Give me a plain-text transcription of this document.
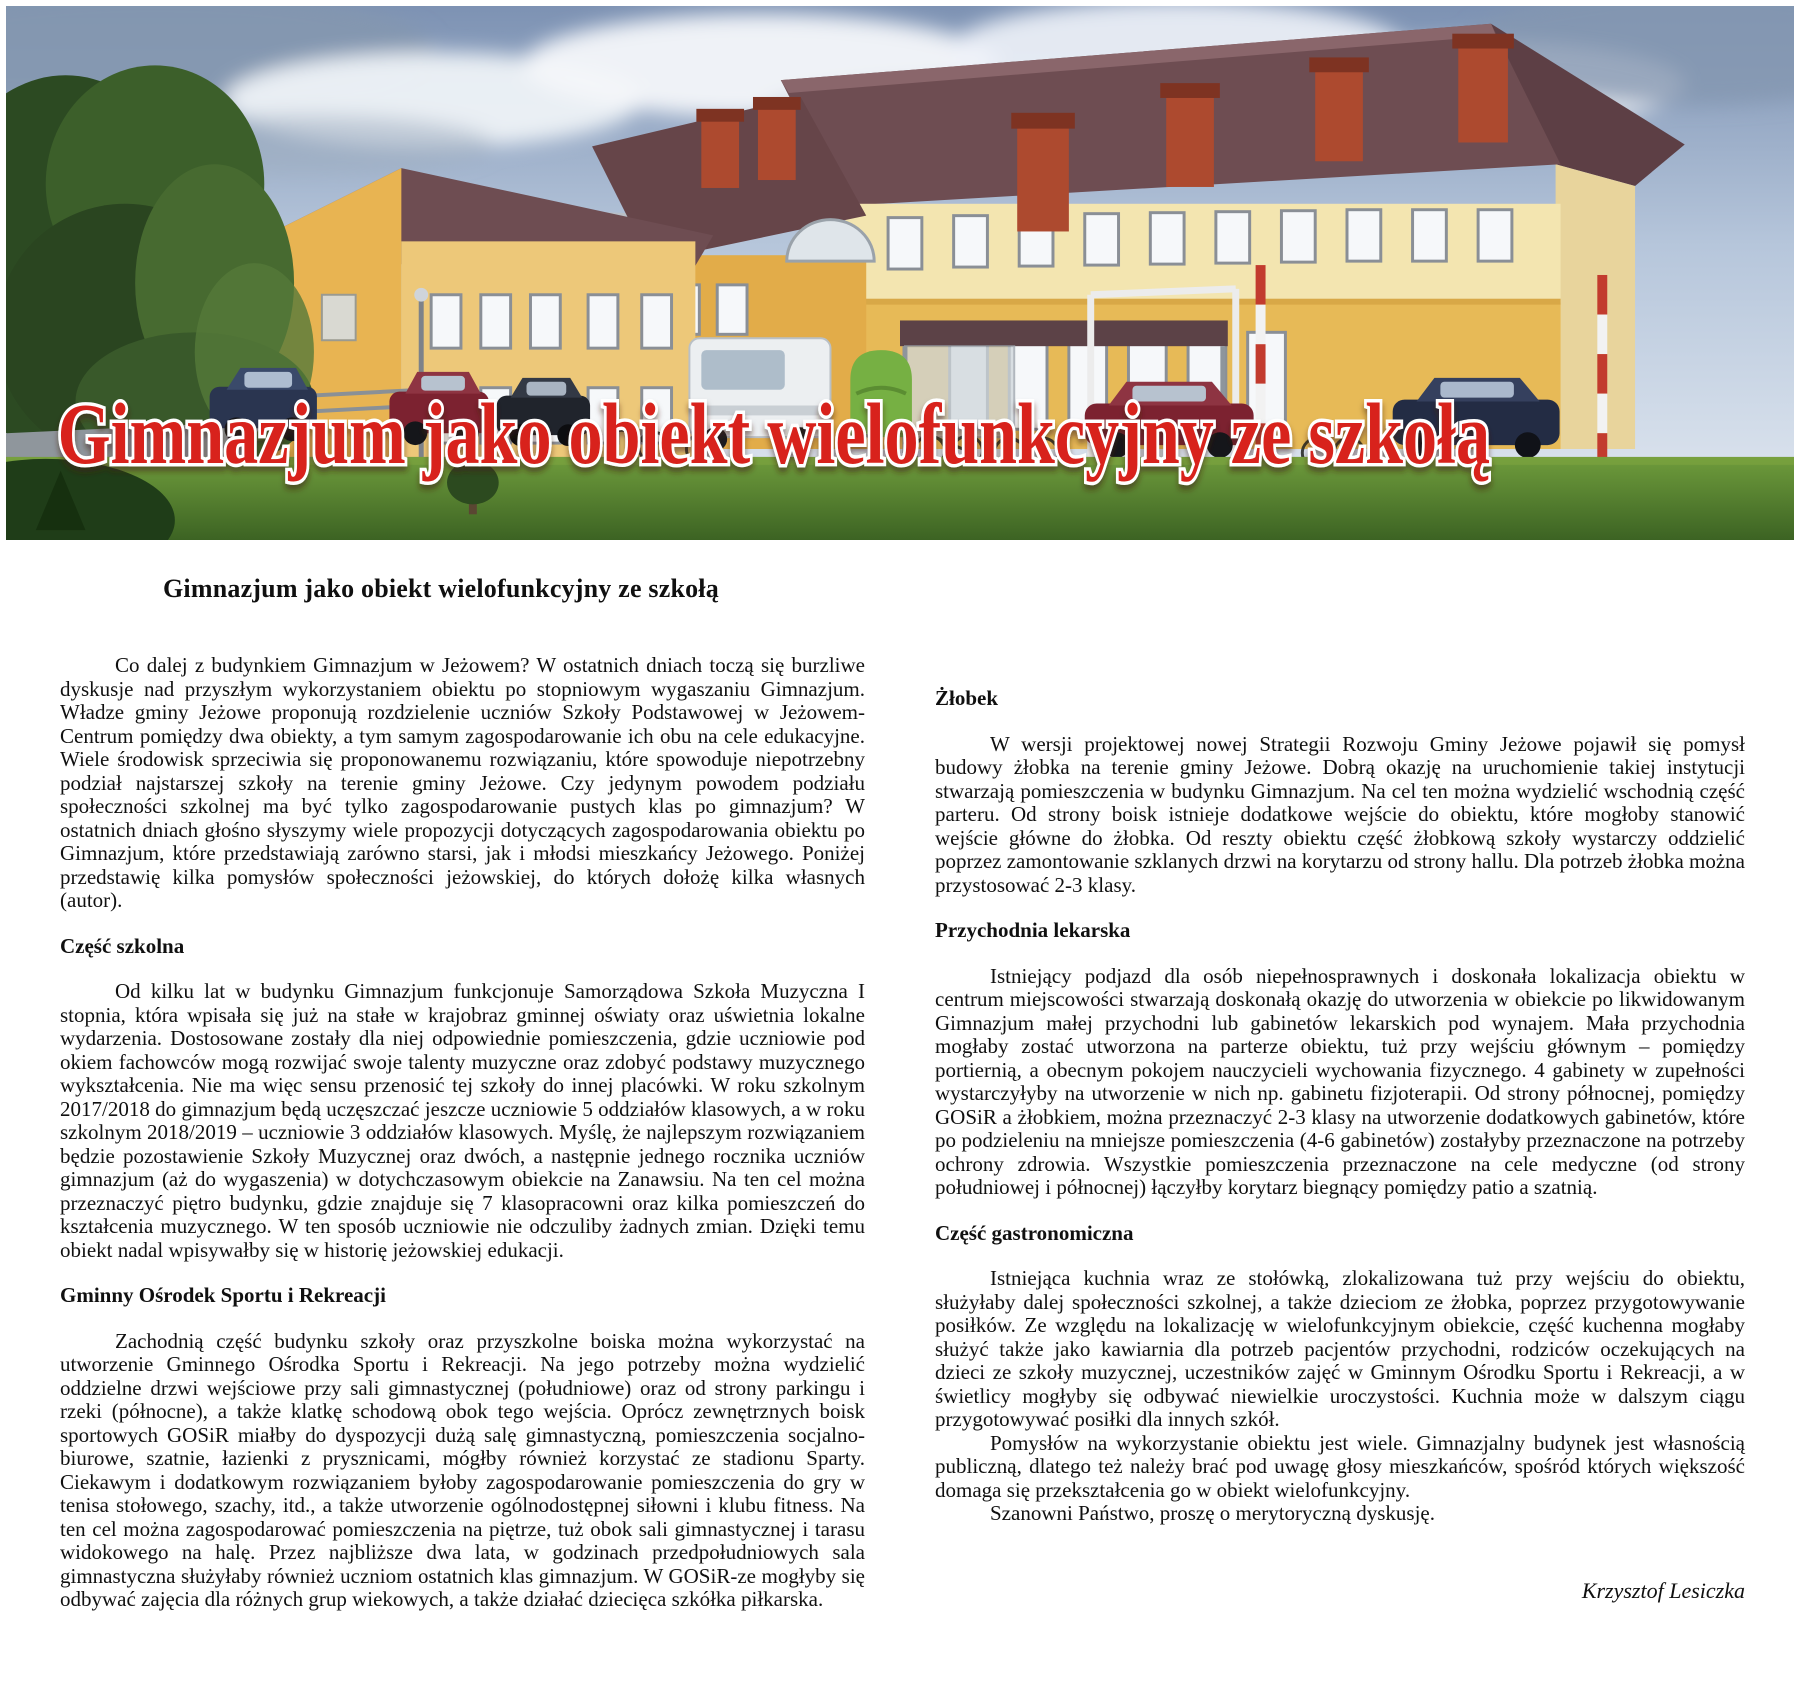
Gimnazjum jako obiekt wielofunkcyjny ze szkołą
Gimnazjum jako obiekt wielofunkcyjny ze szkołą

Co dalej z budynkiem Gimnazjum w Jeżowem? W ostatnich dniach toczą się burzliwe dyskusje nad przyszłym wykorzystaniem obiektu po stopniowym wygaszaniu Gimnazjum. Władze gminy Jeżowe proponują rozdzielenie uczniów Szkoły Podstawowej w Jeżowem-Centrum pomiędzy dwa obiekty, a tym samym zagospodarowanie ich obu na cele edukacyjne. Wiele środowisk sprzeciwia się proponowanemu rozwiązaniu, które spowoduje niepotrzebny podział najstarszej szkoły na terenie gminy Jeżowe. Czy jedynym powodem podziału społeczności szkolnej ma być tylko zagospodarowanie pustych klas po gimnazjum? W ostatnich dniach głośno słyszymy wiele propozycji dotyczących zagospodarowania obiektu po Gimnazjum, które przedstawiają zarówno starsi, jak i młodsi mieszkańcy Jeżowego. Poniżej przedstawię kilka pomysłów społeczności jeżowskiej, do których dołożę kilka własnych (autor).

Część szkolna

Od kilku lat w budynku Gimnazjum funkcjonuje Samorządowa Szkoła Muzyczna I stopnia, która wpisała się już na stałe w krajobraz gminnej oświaty oraz uświetnia lokalne wydarzenia. Dostosowane zostały dla niej odpowiednie pomieszczenia, gdzie uczniowie pod okiem fachowców mogą rozwijać swoje talenty muzyczne oraz zdobyć podstawy muzycznego wykształcenia. Nie ma więc sensu przenosić tej szkoły do innej placówki. W roku szkolnym 2017/2018 do gimnazjum będą uczęszczać jeszcze uczniowie 5 oddziałów klasowych, a w roku szkolnym 2018/2019 – uczniowie 3 oddziałów klasowych. Myślę, że najlepszym rozwiązaniem będzie pozostawienie Szkoły Muzycznej oraz dwóch, a następnie jednego rocznika uczniów gimnazjum (aż do wygaszenia) w dotychczasowym obiekcie na Zanawsiu. Na ten cel można przeznaczyć piętro budynku, gdzie znajduje się 7 klasopracowni oraz kilka pomieszczeń do kształcenia muzycznego. W ten sposób uczniowie nie odczuliby żadnych zmian. Dzięki temu obiekt nadal wpisywałby się w historię jeżowskiej edukacji.

Gminny Ośrodek Sportu i Rekreacji

Zachodnią część budynku szkoły oraz przyszkolne boiska można wykorzystać na utworzenie Gminnego Ośrodka Sportu i Rekreacji. Na jego potrzeby można wydzielić oddzielne drzwi wejściowe przy sali gimnastycznej (południowe) oraz od strony parkingu i rzeki (północne), a także klatkę schodową obok tego wejścia. Oprócz zewnętrznych boisk sportowych GOSiR miałby do dyspozycji dużą salę gimnastyczną, pomieszczenia socjalno-biurowe, szatnie, łazienki z prysznicami, mógłby również korzystać ze stadionu Sparty. Ciekawym i dodatkowym rozwiązaniem byłoby zagospodarowanie pomieszczenia do gry w tenisa stołowego, szachy, itd., a także utworzenie ogólnodostępnej siłowni i klubu fitness. Na ten cel można zagospodarować pomieszczenia na piętrze, tuż obok sali gimnastycznej i tarasu widokowego na halę. Przez najbliższe dwa lata, w godzinach przedpołudniowych sala gimnastyczna służyłaby również uczniom ostatnich klas gimnazjum. W GOSiR-ze mogłyby się odbywać zajęcia dla różnych grup wiekowych, a także działać dziecięca szkółka piłkarska.

Żłobek

W wersji projektowej nowej Strategii Rozwoju Gminy Jeżowe pojawił się pomysł budowy żłobka na terenie gminy Jeżowe. Dobrą okazję na uruchomienie takiej instytucji stwarzają pomieszczenia w budynku Gimnazjum. Na cel ten można wydzielić wschodnią część parteru. Od strony boisk istnieje dodatkowe wejście do obiektu, które mogłoby stanowić wejście główne do żłobka. Od reszty obiektu część żłobkową szkoły wystarczy oddzielić poprzez zamontowanie szklanych drzwi na korytarzu od strony hallu. Dla potrzeb żłobka można przystosować 2-3 klasy.

Przychodnia lekarska

Istniejący podjazd dla osób niepełnosprawnych i doskonała lokalizacja obiektu w centrum miejscowości stwarzają doskonałą okazję do utworzenia w obiekcie po likwidowanym Gimnazjum małej przychodni lub gabinetów lekarskich pod wynajem. Mała przychodnia mogłaby zostać utworzona na parterze obiektu, tuż przy wejściu głównym – pomiędzy portiernią, a obecnym pokojem nauczycieli wychowania fizycznego. 4 gabinety w zupełności wystarczyłyby na utworzenie w nich np. gabinetu fizjoterapii. Od strony północnej, pomiędzy GOSiR a żłobkiem, można przeznaczyć 2-3 klasy na utworzenie dodatkowych gabinetów, które po podzieleniu na mniejsze pomieszczenia (4-6 gabinetów) zostałyby przeznaczone na potrzeby ochrony zdrowia. Wszystkie pomieszczenia przeznaczone na cele medyczne (od strony południowej i północnej) łączyłby korytarz biegnący pomiędzy patio a szatnią.

Część gastronomiczna

Istniejąca kuchnia wraz ze stołówką, zlokalizowana tuż przy wejściu do obiektu, służyłaby dalej społeczności szkolnej, a także dzieciom ze żłobka, poprzez przygotowywanie posiłków. Ze względu na lokalizację w wielofunkcyjnym obiekcie, część kuchenna mogłaby służyć także jako kawiarnia dla potrzeb pacjentów przychodni, rodziców oczekujących na dzieci ze szkoły muzycznej, uczestników zajęć w Gminnym Ośrodku Sportu i Rekreacji, a w świetlicy mogłyby się odbywać niewielkie uroczystości. Kuchnia może w dalszym ciągu przygotowywać posiłki dla innych szkół.

Pomysłów na wykorzystanie obiektu jest wiele. Gimnazjalny budynek jest własnością publiczną, dlatego też należy brać pod uwagę głosy mieszkańców, spośród których większość domaga się przekształcenia go w obiekt wielofunkcyjny.

Szanowni Państwo, proszę o merytoryczną dyskusję.

Krzysztof Lesiczka
